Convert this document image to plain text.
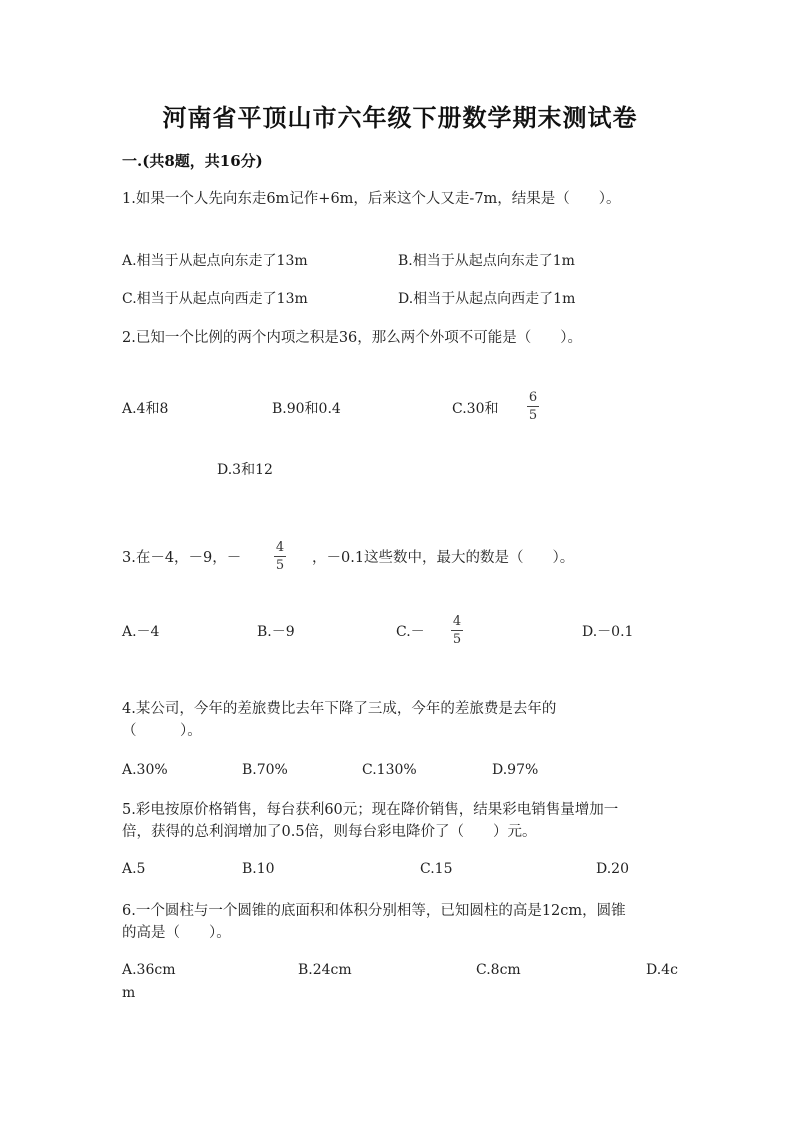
河南省平顶山市六年级下册数学期末测试卷
一.(共8题，共16分)
1.如果一个人先向东走6m记作+6m，后来这个人又走-7m，结果是（　　）。
A.相当于从起点向东走了13m	B.相当于从起点向东走了1m
C.相当于从起点向西走了13m	D.相当于从起点向西走了1m
2.已知一个比例的两个内项之积是36，那么两个外项不可能是（　　）。
A.4和8	B.90和0.4	C.30和
6
5
D.3和12
3.在－4，－9，－
4
5 ，－0.1这些数中，最大的数是（　　）。
A.－4	B.－9	C.－
4
5	D.－0.1
4.某公司，今年的差旅费比去年下降了三成，今年的差旅费是去年的
（　　　）。
A.30%	B.70%	C.130%	D.97%
5.彩电按原价格销售，每台获利60元；现在降价销售，结果彩电销售量增加一
倍，获得的总利润增加了0.5倍，则每台彩电降价了（　　）元。
A.5	B.10	C.15	D.20
6.一个圆柱与一个圆锥的底面积和体积分别相等，已知圆柱的高是12cm，圆锥
的高是（　　）。
A.36cm	B.24cm	C.8cm	D.4c
m
